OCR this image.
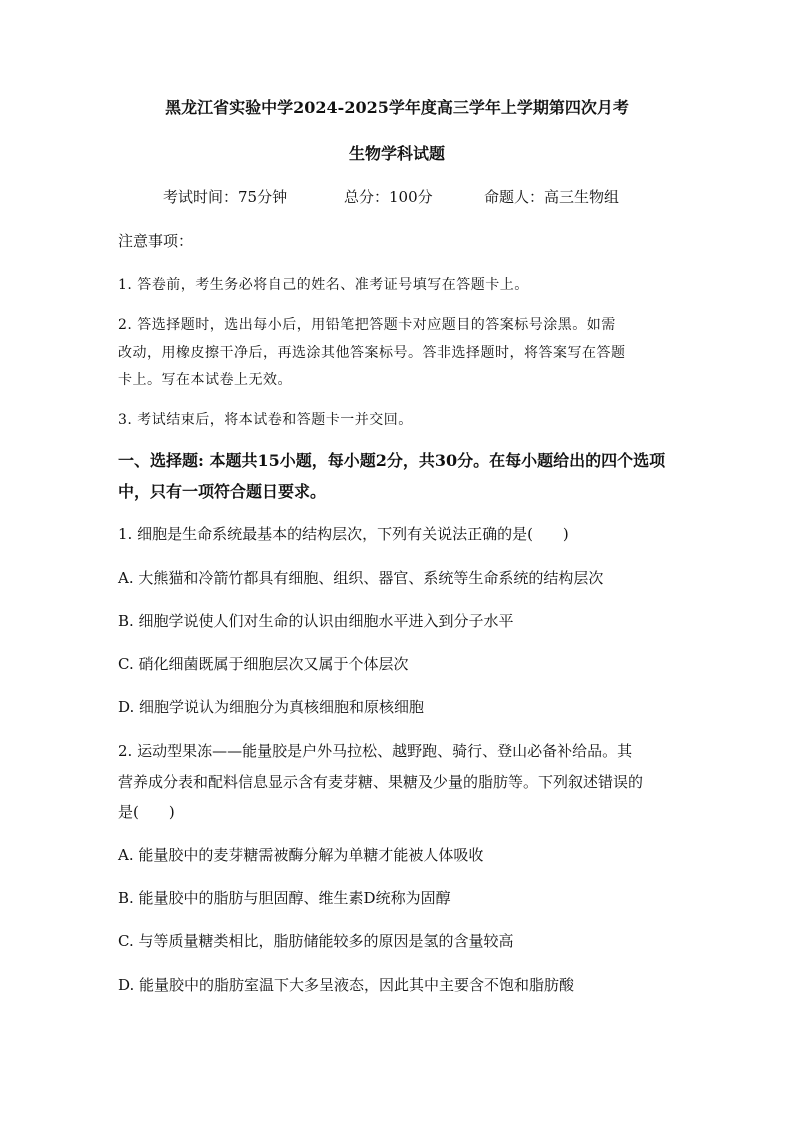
黑龙江省实验中学2024-2025学年度高三学年上学期第四次月考
生物学科试题
考试时间：75分钟	总分：100分	命题人：高三生物组
注意事项：
1. 答卷前，考生务必将自己的姓名、准考证号填写在答题卡上。
2. 答选择题时，选出每小后，用铅笔把答题卡对应题目的答案标号涂黑。如需
改动，用橡皮擦干净后，再选涂其他答案标号。答非选择题时，将答案写在答题
卡上。写在本试卷上无效。
3. 考试结束后，将本试卷和答题卡一并交回。
一、选择题: 本题共15小题，每小题2分，共30分。在每小题给出的四个选项
中，只有一项符合题日要求。
1. 细胞是生命系统最基本的结构层次，下列有关说法正确的是(　　)
A. 大熊猫和冷箭竹都具有细胞、组织、器官、系统等生命系统的结构层次
B. 细胞学说使人们对生命的认识由细胞水平进入到分子水平
C. 硝化细菌既属于细胞层次又属于个体层次
D. 细胞学说认为细胞分为真核细胞和原核细胞
2. 运动型果冻——能量胶是户外马拉松、越野跑、骑行、登山必备补给品。其
营养成分表和配料信息显示含有麦芽糖、果糖及少量的脂肪等。下列叙述错误的
是(　　)
A. 能量胶中的麦芽糖需被酶分解为单糖才能被人体吸收
B. 能量胶中的脂肪与胆固醇、维生素D统称为固醇
C. 与等质量糖类相比，脂肪储能较多的原因是氢的含量较高
D. 能量胶中的脂肪室温下大多呈液态，因此其中主要含不饱和脂肪酸
